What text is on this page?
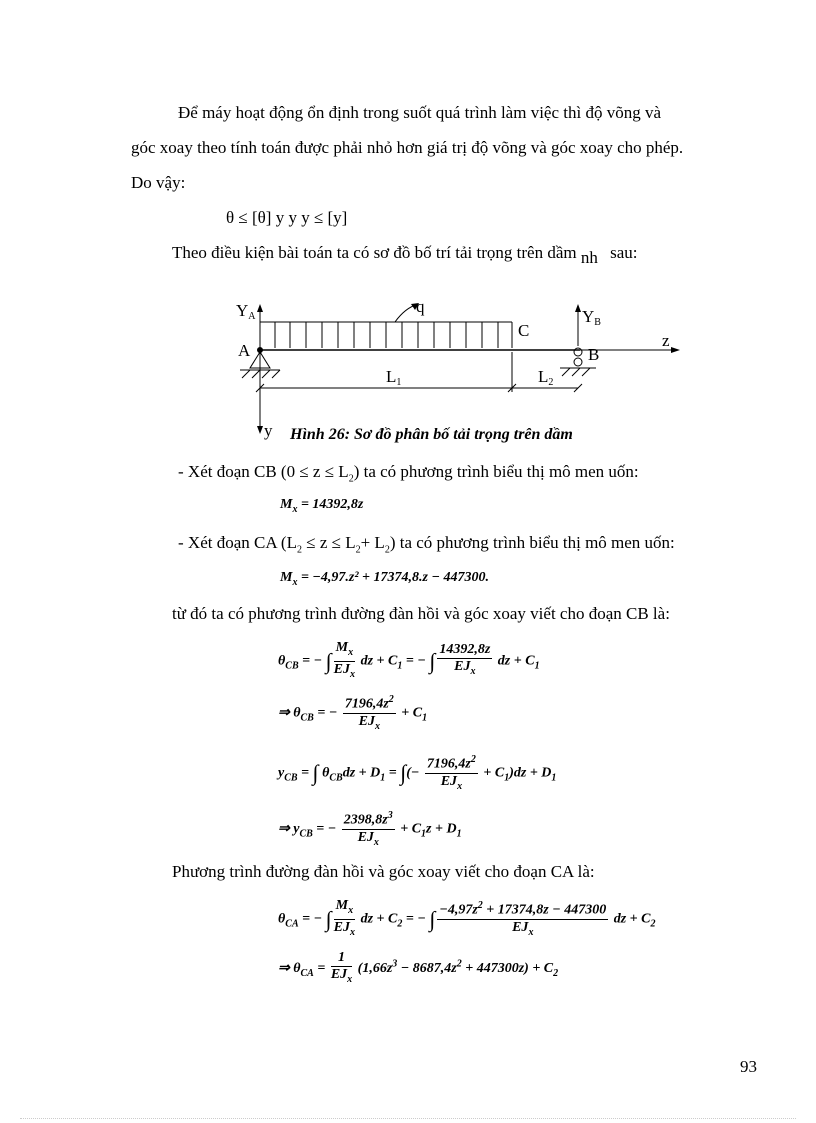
Để máy hoạt động ổn định trong suốt quá trình làm việc thì độ võng và
góc xoay theo tính toán được phải nhỏ hơn giá trị độ võng và góc xoay cho phép.
Do vậy:
θ ≤ [θ] y y y ≤ [y]
Theo điều kiện bài toán ta có sơ đồ bố trí tải trọng trên dầm nh sau:
YA	YB
q
C
A	B
z
L1	L2
y Hình 26: Sơ đồ phân bố tải trọng trên dầm
- Xét đoạn CB $(0 \le z \le L_2)$ ta có phương trình biểu thị mô men uốn:
$M_x = 14392,8z$
- Xét đoạn CA $(L_2 \le z \le L_2+ L_2)$ ta có phương trình biểu thị mô men uốn:
$M_x = -4,97.z^2 + 17374,8.z - 447300$.
từ đó ta có phương trình đường đàn hồi và góc xoay viết cho đoạn CB là:
$\theta_{CB}$ = − ∫ $\frac{M_x}{EJ_x}$ dz + $C_1$ = − ∫ $\frac{14392,8z}{EJ_x}$ dz + $C_1$
⇒ $\theta_{CB}$ = − $\frac{7196,4z^2}{EJ_x} + C_1$
$y_{CB}$ = ∫ $\theta_{CB}dz + D_1$ = ∫(− $\frac{7196,4z^2}{EJ_x} + C_1)dz + D_1$
⇒ $y_{CB}$ = − $\frac{2398,8z^3}{EJ_x} + C_1z + D_1$
Phương trình đường đàn hồi và góc xoay viết cho đoạn CA là:
$\theta_{CA}$ = − ∫ $\frac{M_x}{EJ_x}$ dz + $C_2$ = − ∫ $\frac{-4,97z^2 + 17374,8z - 447300}{EJ_x}$ dz + $C_2$
⇒ $\theta_{CA} = \frac{1}{EJ_x} (1,66z^3 - 8687,4z^2 + 447300z) + C_2$
93
